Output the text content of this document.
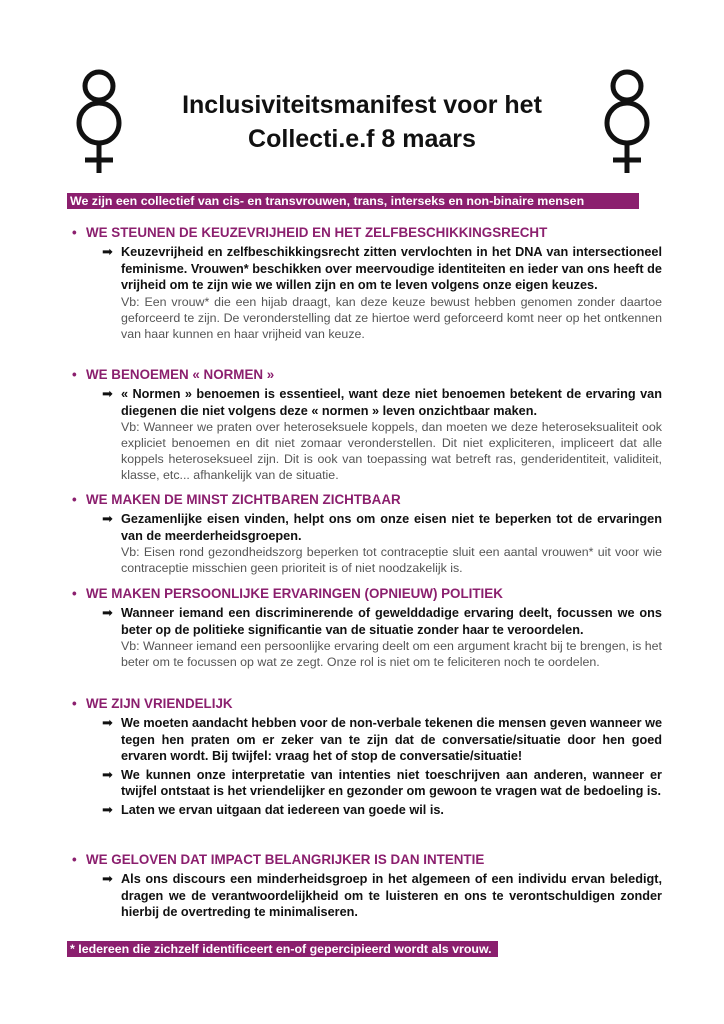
Inclusiviteitsmanifest voor het Collecti.e.f 8 maars
We zijn een collectief van cis- en transvrouwen, trans, interseks en non-binaire mensen
• WE STEUNEN DE KEUZEVRIJHEID EN HET ZELFBESCHIKKINGSRECHT
➡ Keuzevrijheid en zelfbeschikkingsrecht zitten vervlochten in het DNA van intersectioneel feminisme. Vrouwen* beschikken over meervoudige identiteiten en ieder van ons heeft de vrijheid om te zijn wie we willen zijn en om te leven volgens onze eigen keuzes.
Vb: Een vrouw* die een hijab draagt, kan deze keuze bewust hebben genomen zonder daartoe geforceerd te zijn. De veronderstelling dat ze hiertoe werd geforceerd komt neer op het ontkennen van haar kunnen en haar vrijheid van keuze.
• WE BENOEMEN « NORMEN »
➡ « Normen » benoemen is essentieel, want deze niet benoemen betekent de ervaring van diegenen die niet volgens deze « normen » leven onzichtbaar maken.
Vb: Wanneer we praten over heteroseksuele koppels, dan moeten we deze heteroseksualiteit ook expliciet benoemen en dit niet zomaar veronderstellen. Dit niet expliciteren, impliceert dat alle koppels heteroseksueel zijn. Dit is ook van toepassing wat betreft ras, genderidentiteit, validiteit, klasse, etc... afhankelijk van de situatie.
• WE MAKEN DE MINST ZICHTBAREN ZICHTBAAR
➡ Gezamenlijke eisen vinden, helpt ons om onze eisen niet te beperken tot de ervaringen van de meerderheidsgroepen.
Vb: Eisen rond gezondheidszorg beperken tot contraceptie sluit een aantal vrouwen* uit voor wie contraceptie misschien geen prioriteit is of niet noodzakelijk is.
• WE MAKEN PERSOONLIJKE ERVARINGEN (OPNIEUW) POLITIEK
➡ Wanneer iemand een discriminerende of gewelddadige ervaring deelt, focussen we ons beter op de politieke significantie van de situatie zonder haar te veroordelen.
Vb: Wanneer iemand een persoonlijke ervaring deelt om een argument kracht bij te brengen, is het beter om te focussen op wat ze zegt. Onze rol is niet om te feliciteren noch te oordelen.
• WE ZIJN VRIENDELIJK
➡ We moeten aandacht hebben voor de non-verbale tekenen die mensen geven wanneer we tegen hen praten om er zeker van te zijn dat de conversatie/situatie door hen goed ervaren wordt. Bij twijfel: vraag het of stop de conversatie/situatie!
➡ We kunnen onze interpretatie van intenties niet toeschrijven aan anderen, wanneer er twijfel ontstaat is het vriendelijker en gezonder om gewoon te vragen wat de bedoeling is.
➡ Laten we ervan uitgaan dat iedereen van goede wil is.
• WE GELOVEN DAT IMPACT BELANGRIJKER IS DAN INTENTIE
➡ Als ons discours een minderheidsgroep in het algemeen of een individu ervan beledigt, dragen we de verantwoordelijkheid om te luisteren en ons te verontschuldigen zonder hierbij de overtreding te minimaliseren.
* Iedereen die zichzelf identificeert en-of gepercipieerd wordt als vrouw.
